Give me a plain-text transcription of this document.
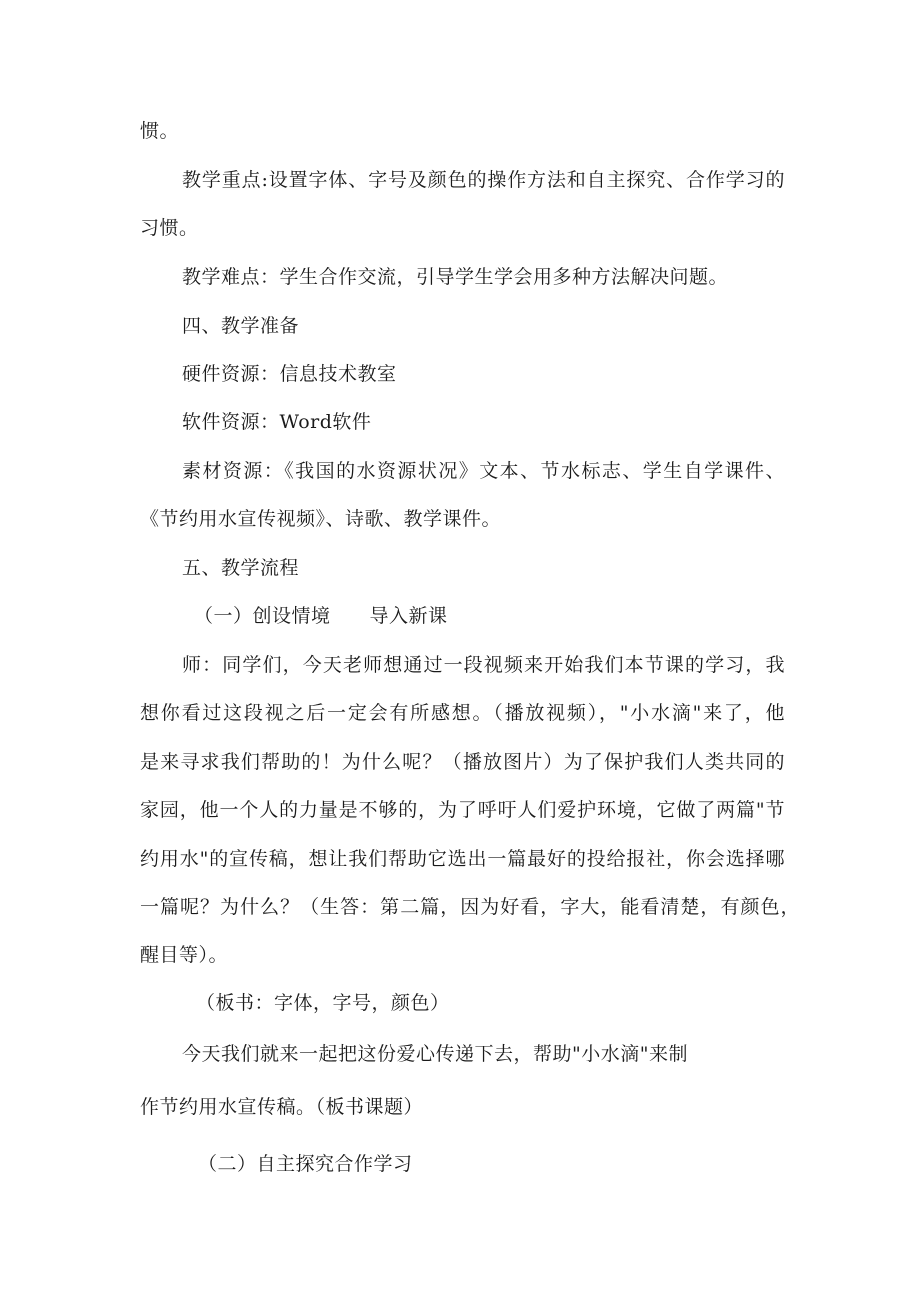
惯。
教学重点:设置字体、字号及颜色的操作方法和自主探究、合作学习的
习惯。
教学难点：学生合作交流，引导学生学会用多种方法解决问题。
四、教学准备
硬件资源：信息技术教室
软件资源：Word软件
素材资源：《我国的水资源状况》文本、节水标志、学生自学课件、
《节约用水宣传视频》、诗歌、教学课件。
五、教学流程
（一）创设情境　　导入新课
师：同学们，今天老师想通过一段视频来开始我们本节课的学习，我
想你看过这段视之后一定会有所感想。（播放视频），"小水滴"来了，他
是来寻求我们帮助的！为什么呢？（播放图片）为了保护我们人类共同的
家园，他一个人的力量是不够的，为了呼吁人们爱护环境，它做了两篇"节
约用水"的宣传稿，想让我们帮助它选出一篇最好的投给报社，你会选择哪
一篇呢？为什么？（生答：第二篇，因为好看，字大，能看清楚，有颜色，
醒目等）。
（板书：字体，字号，颜色）
今天我们就来一起把这份爱心传递下去，帮助"小水滴"来制
作节约用水宣传稿。（板书课题）
（二）自主探究合作学习
